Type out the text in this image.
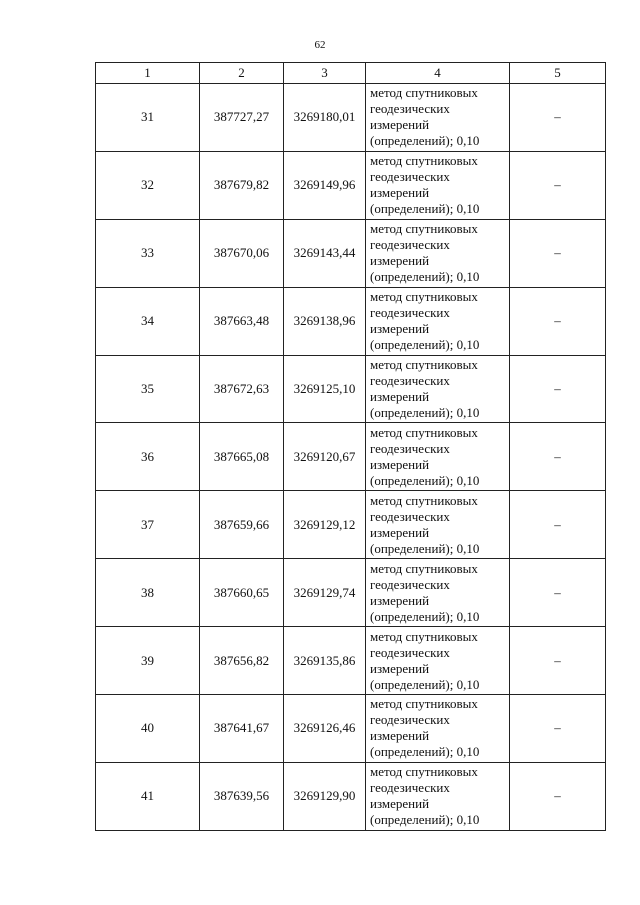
62
1	2	3	4	5
31	387727,27	3269180,01	метод спутниковых
геодезических
измерений
(определений); 0,10	–
32	387679,82	3269149,96	метод спутниковых
геодезических
измерений
(определений); 0,10	–
33	387670,06	3269143,44	метод спутниковых
геодезических
измерений
(определений); 0,10	–
34	387663,48	3269138,96	метод спутниковых
геодезических
измерений
(определений); 0,10	–
35	387672,63	3269125,10	метод спутниковых
геодезических
измерений
(определений); 0,10	–
36	387665,08	3269120,67	метод спутниковых
геодезических
измерений
(определений); 0,10	–
37	387659,66	3269129,12	метод спутниковых
геодезических
измерений
(определений); 0,10	–
38	387660,65	3269129,74	метод спутниковых
геодезических
измерений
(определений); 0,10	–
39	387656,82	3269135,86	метод спутниковых
геодезических
измерений
(определений); 0,10	–
40	387641,67	3269126,46	метод спутниковых
геодезических
измерений
(определений); 0,10	–
41	387639,56	3269129,90	метод спутниковых
геодезических
измерений
(определений); 0,10	–
